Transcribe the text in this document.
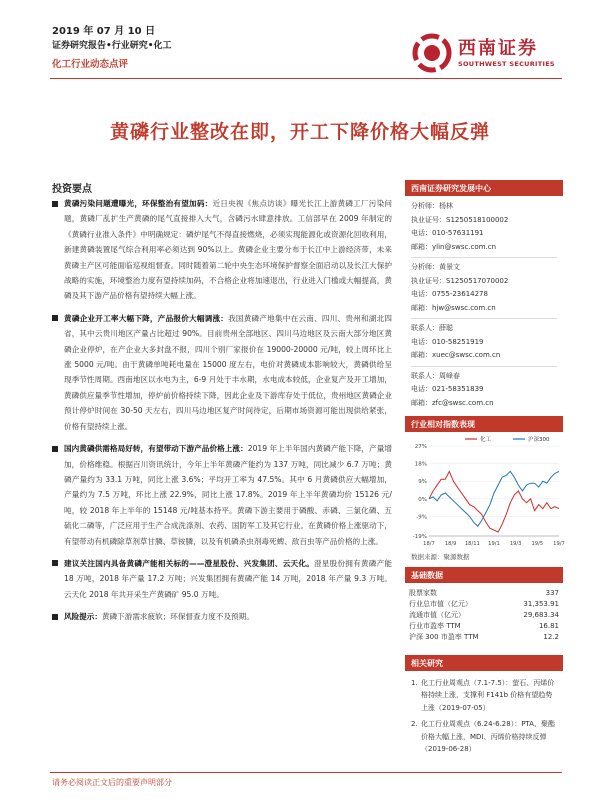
2019 年 07 月 10 日
证券研究报告•行业研究•化工
化工行业动态点评
西南证券
SOUTHWEST SECURITIES
黄磷行业整改在即，开工下降价格大幅反弹
投资要点
黄磷污染问题遭曝光，环保整治有望加码：近日央视《焦点访谈》曝光长江上游黄磷工厂污染问题，黄磷厂乱扩生产黄磷的尾气直接排入大气，含磷污水肆意排放。工信部早在 2009 年制定的《黄磷行业准入条件》中明确规定：磷炉尾气不得直接燃烧，必须实现能源化或资源化回收利用，新建黄磷装置尾气综合利用率必须达到 90%以上。黄磷企业主要分布于长江中上游经济带，未来黄磷主产区可能面临巡视组督查。同时随着第二轮中央生态环境保护督察全面启动以及长江大保护战略的实施，环境整治力度有望持续加码，不合格企业将加速退出，行业进入门槛或大幅提高，黄磷及其下游产品价格有望持续大幅上涨。
黄磷企业开工率大幅下降，产品报价大幅调涨：我国黄磷产地集中在云南、四川、贵州和湖北四省，其中云贵川地区产量占比超过 90%。目前贵州全部地区、四川马边地区及云南大部分地区黄磷企业停炉，在产企业大多封盘不报，四川个别厂家报价在 19000-20000 元/吨，较上周环比上涨 5000 元/吨。由于黄磷单吨耗电量在 15000 度左右，电价对黄磷成本影响较大，黄磷供给呈现季节性周期。西南地区以水电为主，6-9 月处于丰水期，水电成本较低，企业复产及开工增加，黄磷供应量季节性增加，停炉前价格持续下降，因此企业及下游库存处于低位，贵州地区黄磷企业预计停炉时间在 30-50 天左右，四川马边地区复产时间待定，后期市场资源可能出现供给紧张，价格有望持续上涨。
国内黄磷供需格局好转，有望带动下游产品价格上涨：2019 年上半年国内黄磷产能下降，产量增加，价格维稳。根据百川资讯统计，今年上半年黄磷产能约为 137 万吨，同比减少 6.7 万吨；黄磷产量约为 33.1 万吨，同比上涨 3.6%；平均开工率为 47.5%。其中 6 月黄磷供应大幅增加，产量约为 7.5 万吨，环比上涨 22.9%，同比上涨 17.8%。2019 年上半年黄磷均价 15126 元/吨，较 2018 年上半年的 15148 元/吨基本持平。黄磷下游主要用于磷酸、赤磷、三氯化磷、五硫化二磷等，广泛应用于生产合成洗涤剂、农药、国防军工及其它行业。在黄磷价格上涨驱动下，有望带动有机磷除草剂草甘膦、草铵膦，以及有机磷杀虫剂毒死蜱、敌百虫等产品价格的上涨。
建议关注国内具备黄磷产能相关标的——澄星股份、兴发集团、云天化。澄星股份拥有黄磷产能 18 万吨，2018 年产量 17.2 万吨；兴发集团拥有黄磷产能 14 万吨，2018 年产量 9.3 万吨。云天化 2018 年共开采生产黄磷矿 95.0 万吨。
风险提示：黄磷下游需求疲软；环保督查力度不及预期。
西南证券研究发展中心
分析师：杨林
执业证号：S1250518100002
电话：010-57631191
邮箱：ylin@swsc.com.cn
分析师：黄景文
执业证号：S1250517070002
电话：0755-23614278
邮箱：hjw@swsc.com.cn
联系人：薛聪
电话：010-58251919
邮箱：xuec@swsc.com.cn
联系人：周峰春
电话：021-58351839
邮箱：zfc@swsc.com.cn
行业相对指数表现
27%
18%
9%
0%
-9%
-19%
18/7 18/9 18/11 19/1 19/3 19/5 19/7
化工	沪深300
数据来源：聚源数据
基础数据
股票家数	337
行业总市值（亿元）	31,353.91
流通市值（亿元）	29,683.34
行业市盈率 TTM	16.81
沪深 300 市盈率 TTM	12.2
相关研究
1. 化工行业周观点（7.1-7.5）：萤石、丙烯价格持续上涨，支撑利 F141b 价格有望趋势上涨（2019-07-05）
2. 化工行业周观点（6.24-6.28）：PTA、聚酯价格大幅上涨，MDI、丙烯价格持续反弹（2019-06-28）
请务必阅读正文后的重要声明部分
